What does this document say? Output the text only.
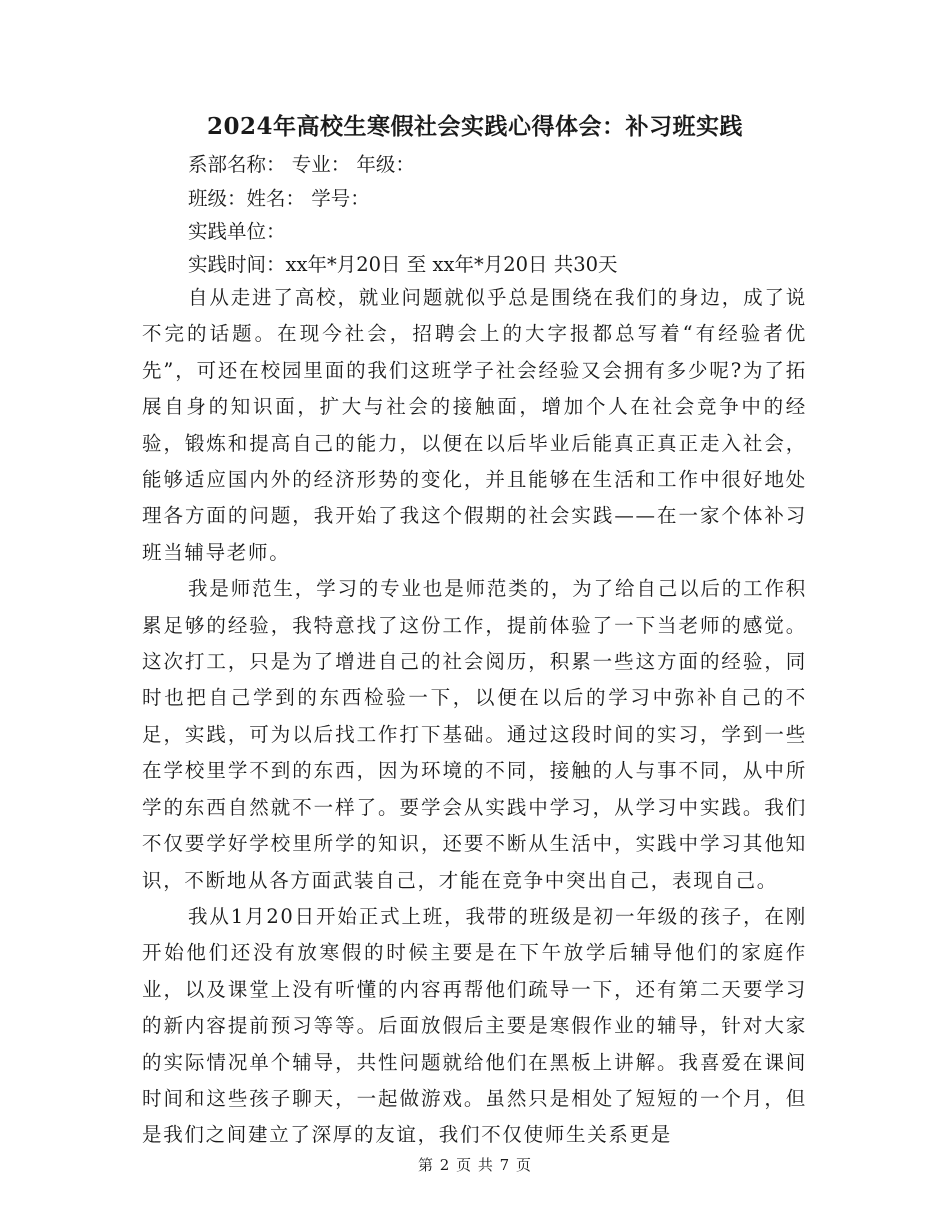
2024年高校生寒假社会实践心得体会：补习班实践
系部名称： 专业： 年级：
班级：姓名： 学号：
实践单位：
实践时间：xx年*月20日 至 xx年*月20日 共30天

自从走进了高校，就业问题就似乎总是围绕在我们的身边，成了说不完的话题。在现今社会，招聘会上的大字报都总写着“有经验者优先”，可还在校园里面的我们这班学子社会经验又会拥有多少呢?为了拓展自身的知识面，扩大与社会的接触面，增加个人在社会竞争中的经验，锻炼和提高自己的能力，以便在以后毕业后能真正真正走入社会，能够适应国内外的经济形势的变化，并且能够在生活和工作中很好地处理各方面的问题，我开始了我这个假期的社会实践——在一家个体补习班当辅导老师。

我是师范生，学习的专业也是师范类的，为了给自己以后的工作积累足够的经验，我特意找了这份工作，提前体验了一下当老师的感觉。这次打工，只是为了增进自己的社会阅历，积累一些这方面的经验，同时也把自己学到的东西检验一下，以便在以后的学习中弥补自己的不足，实践，可为以后找工作打下基础。通过这段时间的实习，学到一些在学校里学不到的东西，因为环境的不同，接触的人与事不同，从中所学的东西自然就不一样了。要学会从实践中学习，从学习中实践。我们不仅要学好学校里所学的知识，还要不断从生活中，实践中学习其他知识，不断地从各方面武装自己，才能在竞争中突出自己，表现自己。

我从1月20日开始正式上班，我带的班级是初一年级的孩子，在刚开始他们还没有放寒假的时候主要是在下午放学后辅导他们的家庭作业，以及课堂上没有听懂的内容再帮他们疏导一下，还有第二天要学习的新内容提前预习等等。后面放假后主要是寒假作业的辅导，针对大家的实际情况单个辅导，共性问题就给他们在黑板上讲解。我喜爱在课间时间和这些孩子聊天，一起做游戏。虽然只是相处了短短的一个月，但是我们之间建立了深厚的友谊，我们不仅使师生关系更是

第 2 页 共 7 页
